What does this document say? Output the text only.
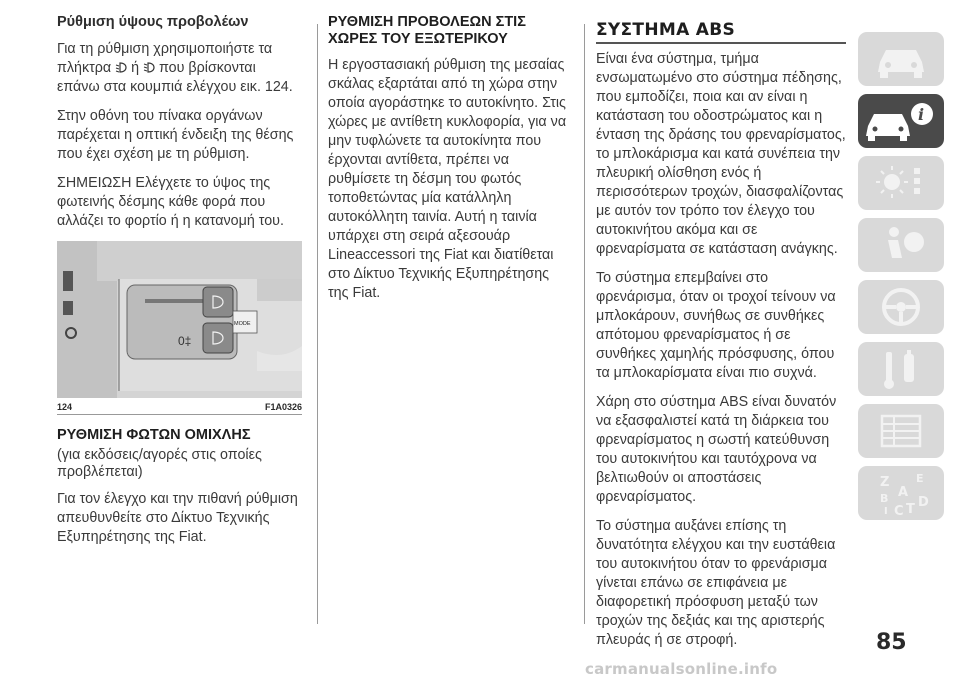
Ρύθμιση ύψους προβολέων

Για τη ρύθμιση χρησιμοποιήστε τα πλήκτρα  ή  που βρίσκονται επάνω στα κουμπιά ελέγχου εικ. 124.

Στην οθόνη του πίνακα οργάνων παρέχεται η οπτική ένδειξη της θέσης που έχει σχέση με τη ρύθμιση.

ΣΗΜΕΙΩΣΗ Ελέγχετε το ύψος της φωτεινής δέσμης κάθε φορά που αλλάζει το φορτίο ή η κατανομή του.

0‡
MODE
124	F1A0326
ΡΥΘΜΙΣΗ ΦΩΤΩΝ ΟΜΙΧΛΗΣ
(για εκδόσεις/αγορές στις οποίες προβλέπεται)

Για τον έλεγχο και την πιθανή ρύθμιση απευθυνθείτε στο Δίκτυο Τεχνικής Εξυπηρέτησης της Fiat.

ΡΥΘΜΙΣΗ ΠΡΟΒΟΛΕΩΝ ΣΤΙΣ ΧΩΡΕΣ ΤΟΥ ΕΞΩΤΕΡΙΚΟΥ

Η εργοστασιακή ρύθμιση της μεσαίας σκάλας εξαρτάται από τη χώρα στην οποία αγοράστηκε το αυτοκίνητο. Στις χώρες με αντίθετη κυκλοφορία, για να μην τυφλώνετε τα αυτοκίνητα που έρχονται αντίθετα, πρέπει να ρυθμίσετε τη δέσμη του φωτός τοποθετώντας μία κατάλληλη αυτοκόλλητη ταινία. Αυτή η ταινία υπάρχει στη σειρά αξεσουάρ Lineaccessori της Fiat και διατίθεται στο Δίκτυο Τεχνικής Εξυπηρέτησης της Fiat.

ΣΥΣΤΗΜΑ ABS

Είναι ένα σύστημα, τμήμα ενσωματωμένο στο σύστημα πέδησης, που εμποδίζει, ποια και αν είναι η κατάσταση του οδοστρώματος και η ένταση της δράσης του φρεναρίσματος, το μπλοκάρισμα και κατά συνέπεια την πλευρική ολίσθηση ενός ή περισσότερων τροχών, διασφαλίζοντας με αυτόν τον τρόπο τον έλεγχο του αυτοκινήτου ακόμα και σε φρεναρίσματα σε κατάσταση ανάγκης.

Το σύστημα επεμβαίνει στο φρενάρισμα, όταν οι τροχοί τείνουν να μπλοκάρουν, συνήθως σε συνθήκες απότομου φρεναρίσματος ή σε συνθήκες χαμηλής πρόσφυσης, όπου τα μπλοκαρίσματα είναι πιο συχνά.

Χάρη στο σύστημα ABS είναι δυνατόν να εξασφαλιστεί κατά τη διάρκεια του φρεναρίσματος η σωστή κατεύθυνση του αυτοκινήτου και ταυτόχρονα να βελτιωθούν οι αποστάσεις φρεναρίσματος.

Το σύστημα αυξάνει επίσης τη δυνατότητα ελέγχου και την ευστάθεια του αυτοκινήτου όταν το φρενάρισμα γίνεται επάνω σε επιφάνεια με διαφορετική πρόσφυση μεταξύ των τροχών της δεξιάς και της αριστερής πλευράς ή σε στροφή.

i
Z E
A
B
I C T D
85
carmanualsonline.info
